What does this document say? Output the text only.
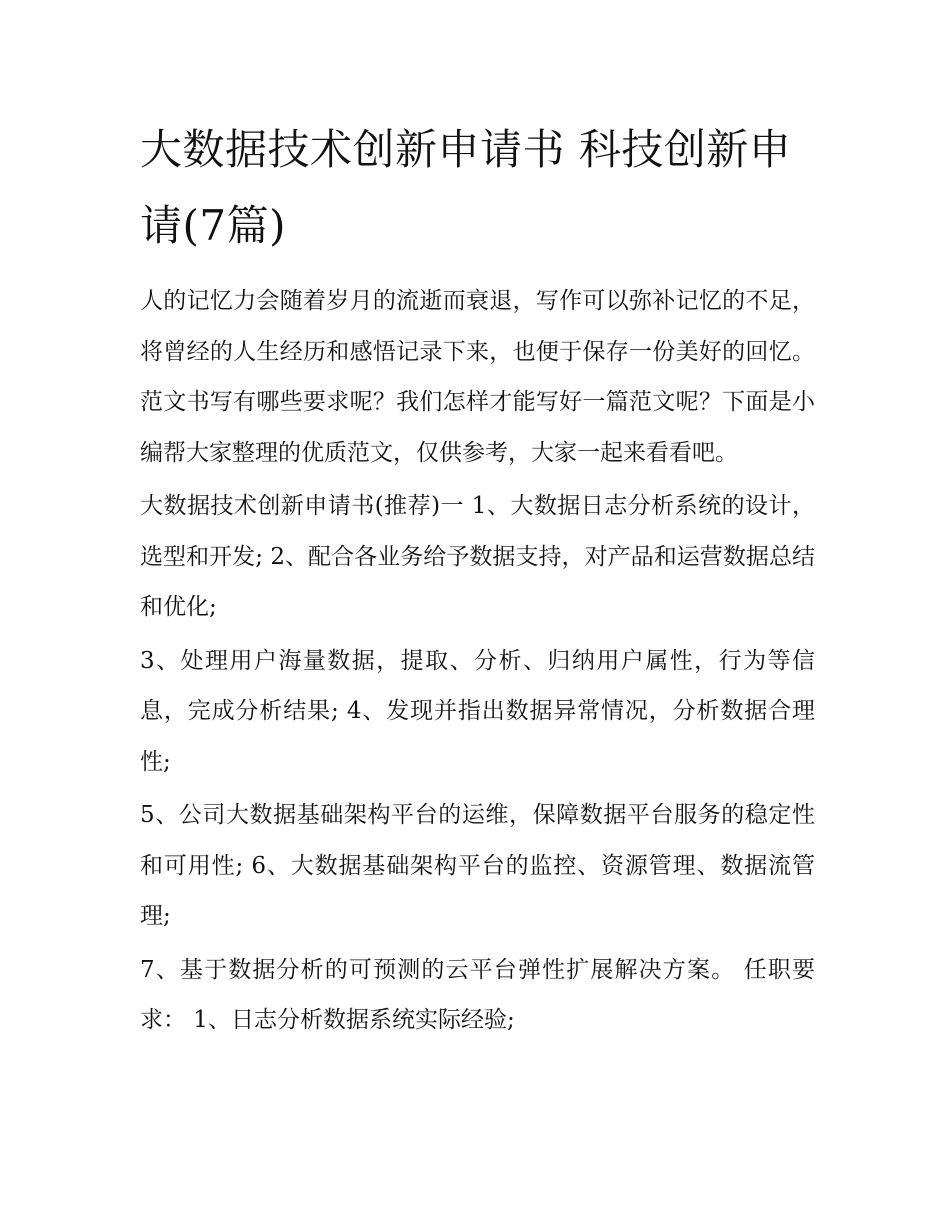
大数据技术创新申请书 科技创新申请(7篇)

人的记忆力会随着岁月的流逝而衰退，写作可以弥补记忆的不足，将曾经的人生经历和感悟记录下来，也便于保存一份美好的回忆。范文书写有哪些要求呢？我们怎样才能写好一篇范文呢？下面是小编帮大家整理的优质范文，仅供参考，大家一起来看看吧。

大数据技术创新申请书(推荐)一 1、大数据日志分析系统的设计，选型和开发; 2、配合各业务给予数据支持，对产品和运营数据总结和优化;

3、处理用户海量数据，提取、分析、归纳用户属性，行为等信息，完成分析结果; 4、发现并指出数据异常情况，分析数据合理性;

5、公司大数据基础架构平台的运维，保障数据平台服务的稳定性和可用性; 6、大数据基础架构平台的监控、资源管理、数据流管理;

7、基于数据分析的可预测的云平台弹性扩展解决方案。 任职要求： 1、日志分析数据系统实际经验;
